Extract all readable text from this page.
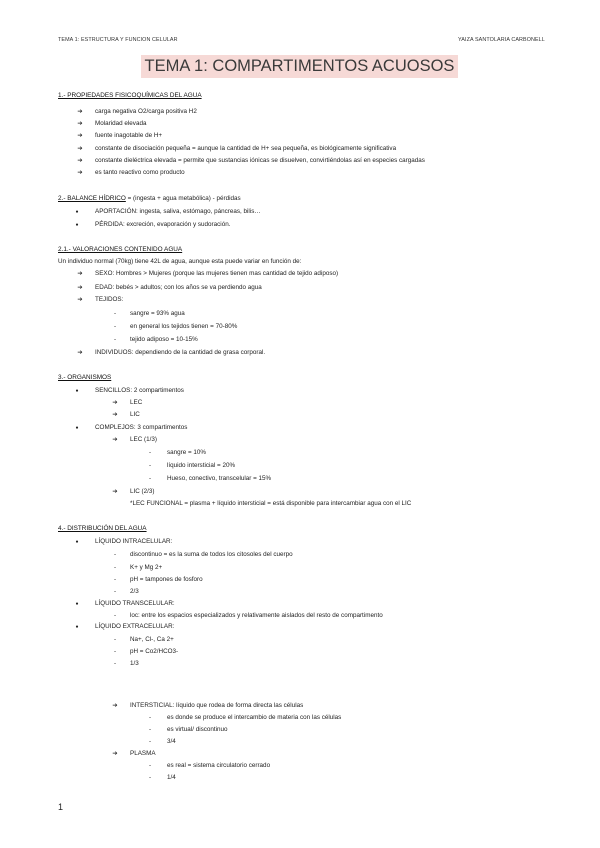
TEMA 1: ESTRUCTURA Y FUNCION CELULAR	YAIZA SANTOLARIA CARBONELL
TEMA 1: COMPARTIMENTOS ACUOSOS
1.- PROPIEDADES FISICOQUÍMICAS DEL AGUA
➔	carga negativa O2/carga positiva H2
➔	Molaridad elevada
➔	fuente inagotable de H+
➔	constante de disociación pequeña = aunque la cantidad de H+ sea pequeña, es biológicamente significativa
➔	constante dieléctrica elevada = permite que sustancias iónicas se disuelven, convirtiéndolas así en especies cargadas
➔	es tanto reactivo como producto
2.- BALANCE HÍDRICO = (ingesta + agua metabólica) - pérdidas
●	APORTACIÓN: ingesta, saliva, estómago, páncreas, bilis…
●	PÉRDIDA: excreción, evaporación y sudoración.
2.1.- VALORACIONES CONTENIDO AGUA
Un individuo normal (70kg) tiene 42L de agua, aunque esta puede variar en función de:
➔	SEXO: Hombres > Mujeres (porque las mujeres tienen mas cantidad de tejido adiposo)
➔	EDAD: bebés > adultos; con los años se va perdiendo agua
➔	TEJIDOS:
-	sangre = 93% agua
-	en general los tejidos tienen = 70-80%
-	tejido adiposo = 10-15%
➔	INDIVIDUOS: dependiendo de la cantidad de grasa corporal.
3.- ORGANISMOS
●	SENCILLOS: 2 compartimentos
➔	LEC
➔	LIC
●	COMPLEJOS: 3 compartimentos
➔	LEC (1/3)
-	sangre = 10%
-	líquido intersticial = 20%
-	Hueso, conectivo, transcelular = 15%
➔	LIC (2/3)
*LEC FUNCIONAL = plasma + líquido intersticial = está disponible para intercambiar agua con el LIC
4.- DISTRIBUCIÓN DEL AGUA
●	LÍQUIDO INTRACELULAR:
-	discontinuo = es la suma de todos los citosoles del cuerpo
-	K+ y Mg 2+
-	pH = tampones de fosforo
-	2/3
●	LÍQUIDO TRANSCELULAR:
-	loc: entre los espacios especializados y relativamente aislados del resto de compartimento
●	LÍQUIDO EXTRACELULAR:
-	Na+, Cl-, Ca 2+
-	pH = Co2/HCO3-
-	1/3
➔	INTERSTICIAL: líquido que rodea de forma directa las células
-	es donde se produce el intercambio de materia con las células
-	es virtual/ discontinuo
-	3/4
➔	PLASMA
-	es real = sistema circulatorio cerrado
-	1/4
1
